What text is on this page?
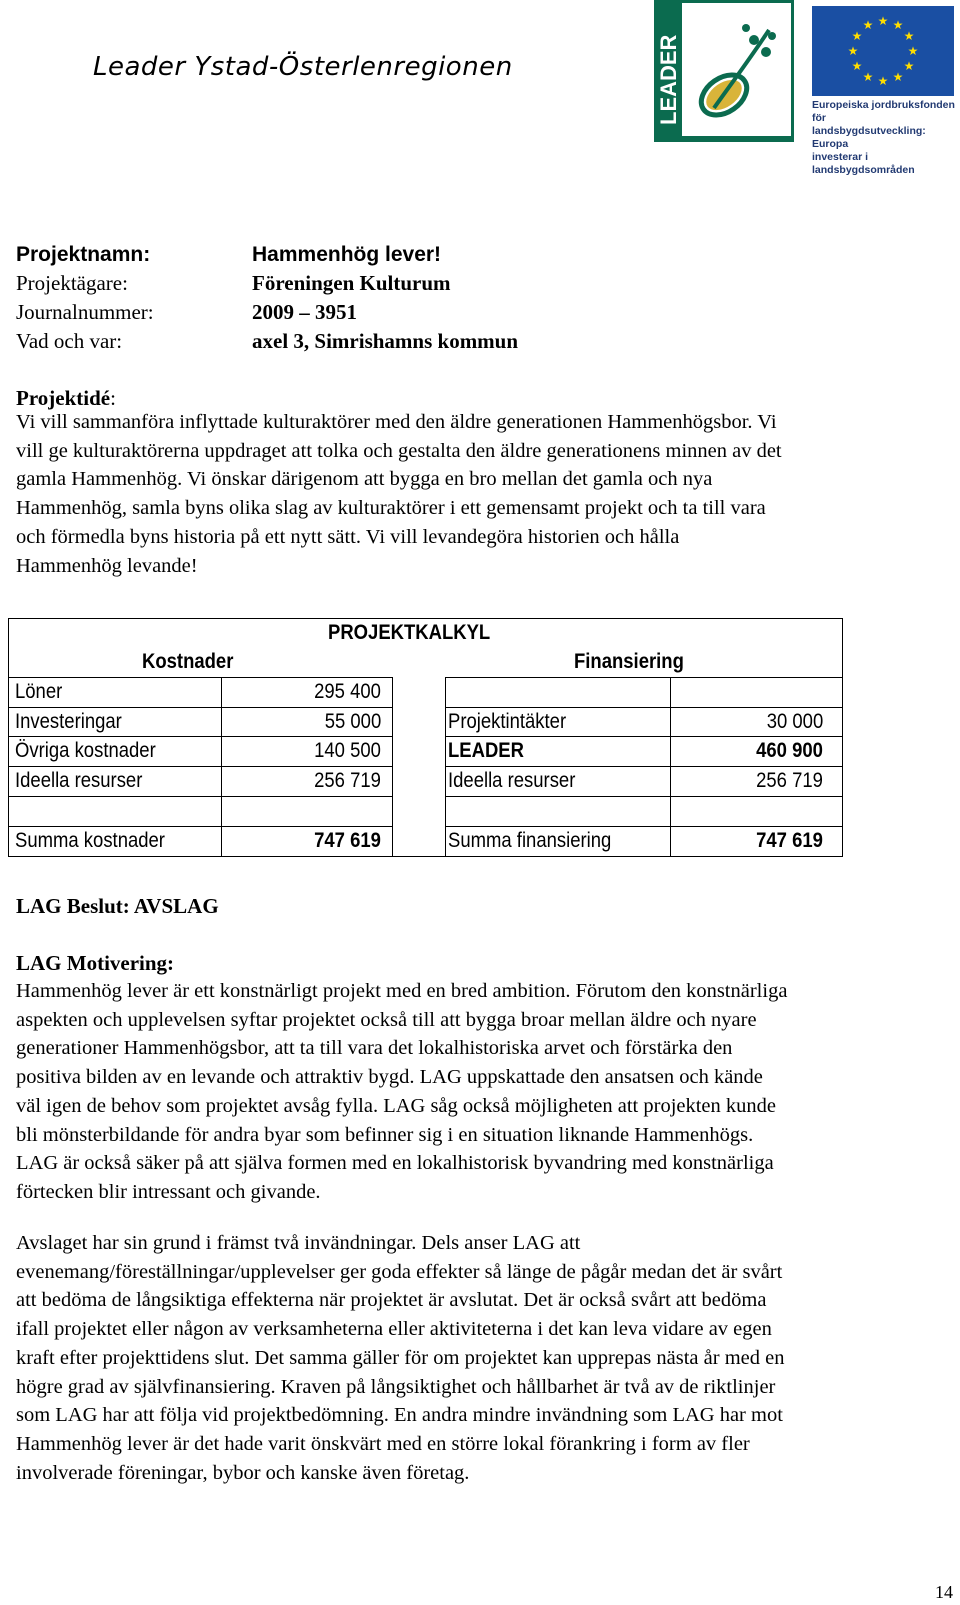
Leader Ystad-Österlenregionen	LEADER
★ ★
★
★
★
★
★
★
★
★
★
★
Europeiska jordbruksfonden för
landsbygdsutveckling: Europa
investerar i landsbygdsområden
Projektnamn:	Hammenhög lever!
Projektägare:	Föreningen Kulturum
Journalnummer:	2009 – 3951
Vad och var:	axel 3, Simrishamns kommun
Projektidé:
Vi vill sammanföra inflyttade kulturaktörer med den äldre generationen Hammenhögsbor. Vi
vill ge kulturaktörerna uppdraget att tolka och gestalta den äldre generationens minnen av det
gamla Hammenhög. Vi önskar därigenom att bygga en bro mellan det gamla och nya
Hammenhög, samla byns olika slag av kulturaktörer i ett gemensamt projekt och ta till vara
och förmedla byns historia på ett nytt sätt. Vi vill levandegöra historien och hålla
Hammenhög levande!
PROJEKTKALKYL
Kostnader	Finansiering
Löner	295 400
Investeringar	55 000
Övriga kostnader	140 500
Ideella resurser	256 719
Summa kostnader	747 619
Projektintäkter	30 000
LEADER	460 900
Ideella resurser	256 719
Summa finansiering	747 619
LAG Beslut: AVSLAG
LAG Motivering:
Hammenhög lever är ett konstnärligt projekt med en bred ambition. Förutom den konstnärliga
aspekten och upplevelsen syftar projektet också till att bygga broar mellan äldre och nyare
generationer Hammenhögsbor, att ta till vara det lokalhistoriska arvet och förstärka den
positiva bilden av en levande och attraktiv bygd. LAG uppskattade den ansatsen och kände
väl igen de behov som projektet avsåg fylla. LAG såg också möjligheten att projekten kunde
bli mönsterbildande för andra byar som befinner sig i en situation liknande Hammenhögs.
LAG är också säker på att själva formen med en lokalhistorisk byvandring med konstnärliga
förtecken blir intressant och givande.
Avslaget har sin grund i främst två invändningar. Dels anser LAG att
evenemang/föreställningar/upplevelser ger goda effekter så länge de pågår medan det är svårt
att bedöma de långsiktiga effekterna när projektet är avslutat. Det är också svårt att bedöma
ifall projektet eller någon av verksamheterna eller aktiviteterna i det kan leva vidare av egen
kraft efter projekttidens slut. Det samma gäller för om projektet kan upprepas nästa år med en
högre grad av självfinansiering. Kraven på långsiktighet och hållbarhet är två av de riktlinjer
som LAG har att följa vid projektbedömning. En andra mindre invändning som LAG har mot
Hammenhög lever är det hade varit önskvärt med en större lokal förankring i form av fler
involverade föreningar, bybor och kanske även företag.
14
